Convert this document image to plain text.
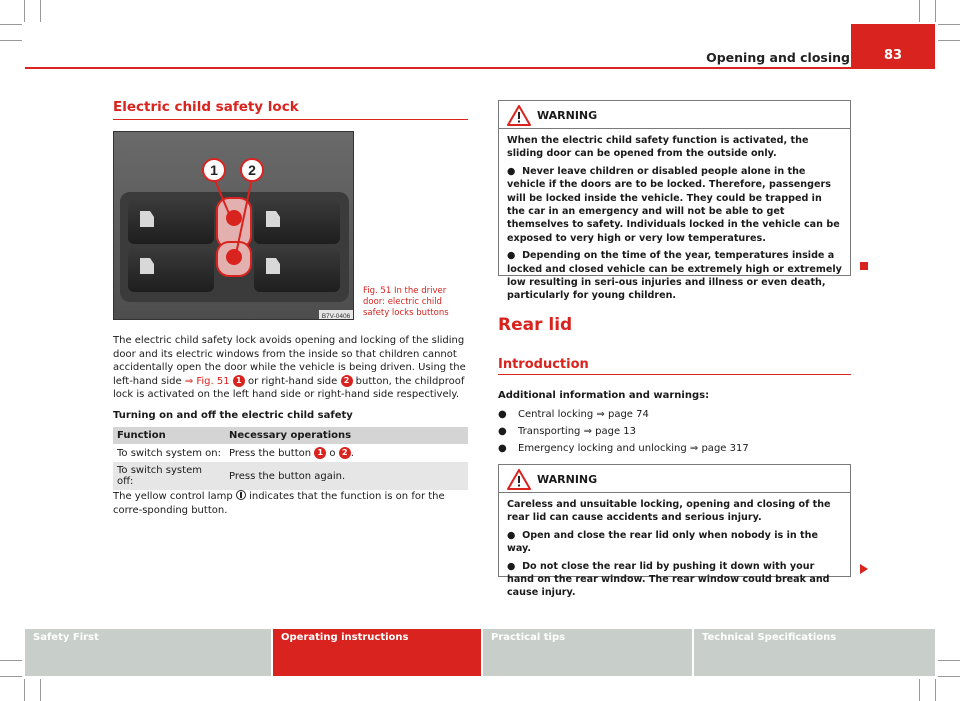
Opening and closing	83
Electric child safety lock
1 2
B7V-0406
Fig. 51 In the driver door: electric child safety locks buttons
The electric child safety lock avoids opening and locking of the sliding door and its electric windows from the inside so that children cannot accidentally open the door while the vehicle is being driven. Using the left-hand side ⇒ Fig. 51 1 or right-hand side 2 button, the childproof lock is activated on the left hand side or right-hand side respectively.
Turning on and off the electric child safety
Function	Necessary operations
To switch system on:	Press the button 1 o 2 .
To switch system off:	Press the button again.
The yellow control lamp  indicates that the function is on for the corre-sponding button.
WARNING

When the electric child safety function is activated, the sliding door can be opened from the outside only.

● Never leave children or disabled people alone in the vehicle if the doors are to be locked. Therefore, passengers will be locked inside the vehicle. They could be trapped in the car in an emergency and will not be able to get themselves to safety. Individuals locked in the vehicle can be exposed to very high or very low temperatures.

● Depending on the time of the year, temperatures inside a locked and closed vehicle can be extremely high or extremely low resulting in seri-ous injuries and illness or even death, particularly for young children.

Rear lid
Introduction
Additional information and warnings:
● Central locking ⇒ page 74
● Transporting ⇒ page 13
● Emergency locking and unlocking ⇒ page 317
WARNING

Careless and unsuitable locking, opening and closing of the rear lid can cause accidents and serious injury.

● Open and close the rear lid only when nobody is in the way.

● Do not close the rear lid by pushing it down with your hand on the rear window. The rear window could break and cause injury.

Safety First	Operating instructions	Practical tips	Technical Specifications
